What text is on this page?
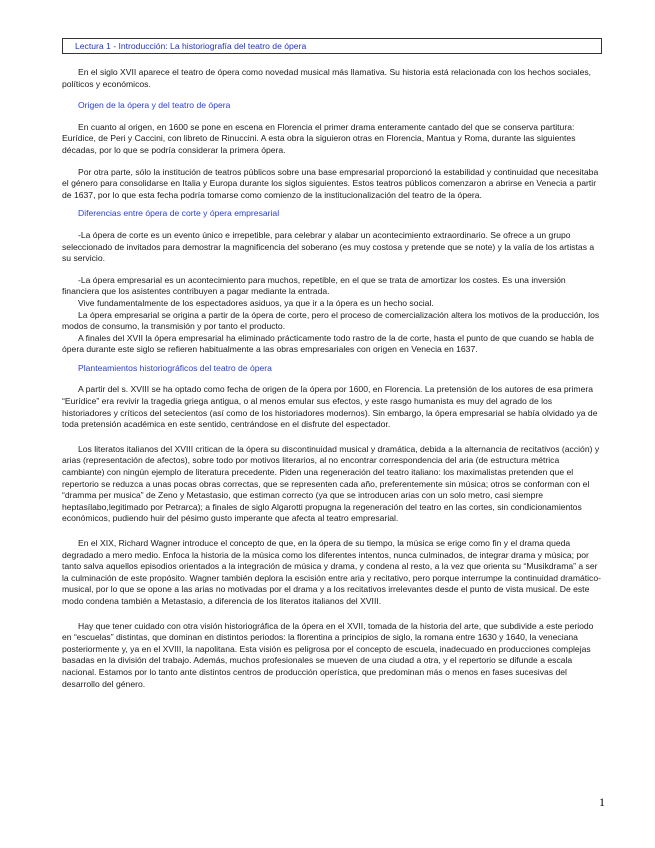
Lectura 1 - Introducción: La historiografía del teatro de ópera

En el siglo XVII aparece el teatro de ópera como novedad musical más llamativa. Su historia está relacionada con los hechos sociales, políticos y económicos.

Origen de la ópera y del teatro de ópera

En cuanto al origen, en 1600 se pone en escena en Florencia el primer drama enteramente cantado del que se conserva partitura: Eurídice, de Peri y Caccini, con libreto de Rinuccini. A esta obra la siguieron otras en Florencia, Mantua y Roma, durante las siguientes décadas, por lo que se podría considerar la primera ópera.

Por otra parte, sólo la institución de teatros públicos sobre una base empresarial proporcionó la estabilidad y continuidad que necesitaba el género para consolidarse en Italia y Europa durante los siglos siguientes. Estos teatros públicos comenzaron a abrirse en Venecia a partir de 1637, por lo que esta fecha podría tomarse como comienzo de la institucionalización del teatro de la ópera.

Diferencias entre ópera de corte y ópera empresarial

-La ópera de corte es un evento único e irrepetible, para celebrar y alabar un acontecimiento extraordinario. Se ofrece a un grupo seleccionado de invitados para demostrar la magnificencia del soberano (es muy costosa y pretende que se note) y la valía de los artistas a su servicio.

-La ópera empresarial es un acontecimiento para muchos, repetible, en el que se trata de amortizar los costes. Es una inversión financiera que los asistentes contribuyen a pagar mediante la entrada.

Vive fundamentalmente de los espectadores asiduos, ya que ir a la ópera es un hecho social.

La ópera empresarial se origina a partir de la ópera de corte, pero el proceso de comercialización altera los motivos de la producción, los modos de consumo, la transmisión y por tanto el producto.

A finales del XVII la ópera empresarial ha eliminado prácticamente todo rastro de la de corte, hasta el punto de que cuando se habla de ópera durante este siglo se refieren habitualmente a las obras empresariales con origen en Venecia en 1637.

Planteamientos historiográficos del teatro de ópera

A partir del s. XVIII se ha optado como fecha de origen de la ópera por 1600, en Florencia. La pretensión de los autores de esa primera “Eurídice” era revivir la tragedia griega antigua, o al menos emular sus efectos, y este rasgo humanista es muy del agrado de los historiadores y críticos del setecientos (así como de los historiadores modernos). Sin embargo, la ópera empresarial se había olvidado ya de toda pretensión académica en este sentido, centrándose en el disfrute del espectador.

Los literatos italianos del XVIII critican de la ópera su discontinuidad musical y dramática, debida a la alternancia de recitativos (acción) y arias (representación de afectos), sobre todo por motivos literarios, al no encontrar correspondencia del aria (de estructura métrica cambiante) con ningún ejemplo de literatura precedente. Piden una regeneración del teatro italiano: los maximalistas pretenden que el repertorio se reduzca a unas pocas obras correctas, que se representen cada año, preferentemente sin música; otros se conforman con el “dramma per musica” de Zeno y Metastasio, que estiman correcto (ya que se introducen arias con un solo metro, casi siempre heptasílabo,legitimado por Petrarca); a finales de siglo Algarotti propugna la regeneración del teatro en las cortes, sin condicionamientos económicos, pudiendo huir del pésimo gusto imperante que afecta al teatro empresarial.

En el XIX, Richard Wagner introduce el concepto de que, en la ópera de su tiempo, la música se erige como fin y el drama queda degradado a mero medio. Enfoca la historia de la música como los diferentes intentos, nunca culminados, de integrar drama y música; por tanto salva aquellos episodios orientados a la integración de música y drama, y condena al resto, a la vez que orienta su “Musikdrama” a ser la culminación de este propósito. Wagner también deplora la escisión entre aria y recitativo, pero porque interrumpe la continuidad dramático-musical, por lo que se opone a las arias no motivadas por el drama y a los recitativos irrelevantes desde el punto de vista musical. De este modo condena también a Metastasio, a diferencia de los literatos italianos del XVIII.

Hay que tener cuidado con otra visión historiográfica de la ópera en el XVII, tomada de la historia del arte, que subdivide a este periodo en “escuelas” distintas, que dominan en distintos periodos: la florentina a principios de siglo, la romana entre 1630 y 1640, la veneciana posteriormente y, ya en el XVIII, la napolitana. Esta visión es peligrosa por el concepto de escuela, inadecuado en producciones complejas basadas en la división del trabajo. Además, muchos profesionales se mueven de una ciudad a otra, y el repertorio se difunde a escala nacional. Estamos por lo tanto ante distintos centros de producción operística, que predominan más o menos en fases sucesivas del desarrollo del género.

1
